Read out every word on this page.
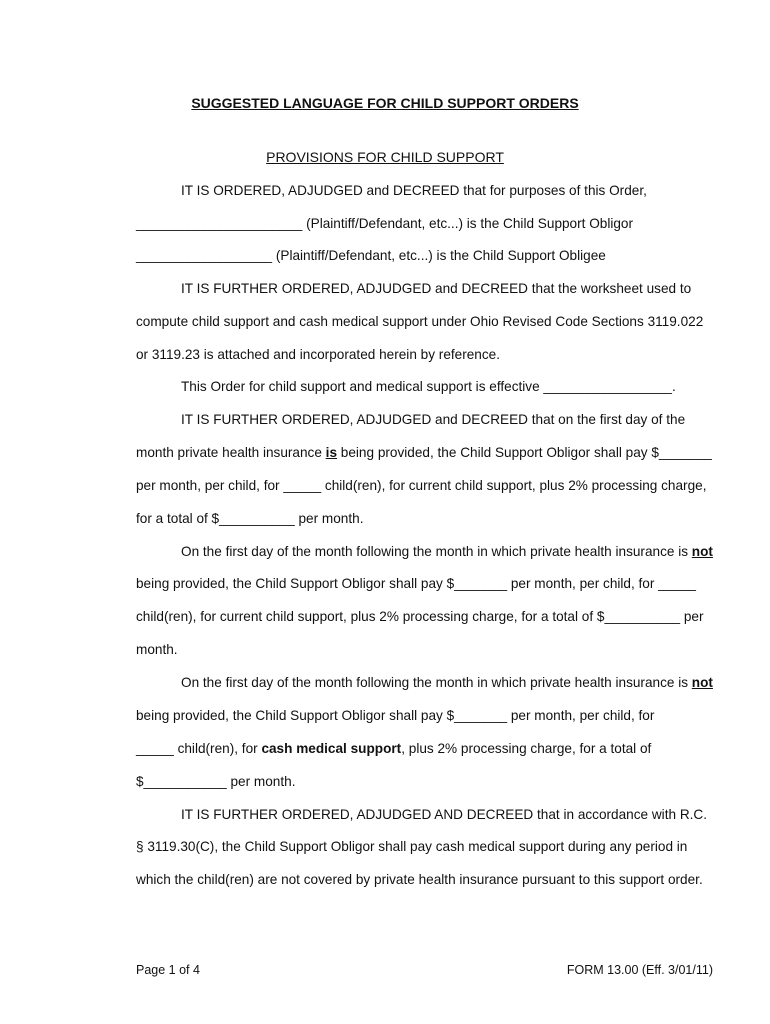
SUGGESTED LANGUAGE FOR CHILD SUPPORT ORDERS
PROVISIONS FOR CHILD SUPPORT
IT IS ORDERED, ADJUDGED and DECREED that for purposes of this Order,
______________________ (Plaintiff/Defendant, etc...) is the Child Support Obligor
__________________ (Plaintiff/Defendant, etc...) is the Child Support Obligee
IT IS FURTHER ORDERED, ADJUDGED and DECREED that the worksheet used to
compute child support and cash medical support under Ohio Revised Code Sections 3119.022
or 3119.23 is attached and incorporated herein by reference.
This Order for child support and medical support is effective _________________.
IT IS FURTHER ORDERED, ADJUDGED and DECREED that on the first day of the
month private health insurance is being provided, the Child Support Obligor shall pay $_______
per month, per child, for _____ child(ren), for current child support, plus 2% processing charge,
for a total of $__________ per month.
On the first day of the month following the month in which private health insurance is not
being provided, the Child Support Obligor shall pay $_______ per month, per child, for _____
child(ren), for current child support, plus 2% processing charge, for a total of $__________ per
month.
On the first day of the month following the month in which private health insurance is not
being provided, the Child Support Obligor shall pay $_______ per month, per child, for
_____ child(ren), for cash medical support, plus 2% processing charge, for a total of
$___________ per month.
IT IS FURTHER ORDERED, ADJUDGED AND DECREED that in accordance with R.C.
§ 3119.30(C), the Child Support Obligor shall pay cash medical support during any period in
which the child(ren) are not covered by private health insurance pursuant to this support order.
Page 1 of 4	FORM 13.00 (Eff. 3/01/11)
